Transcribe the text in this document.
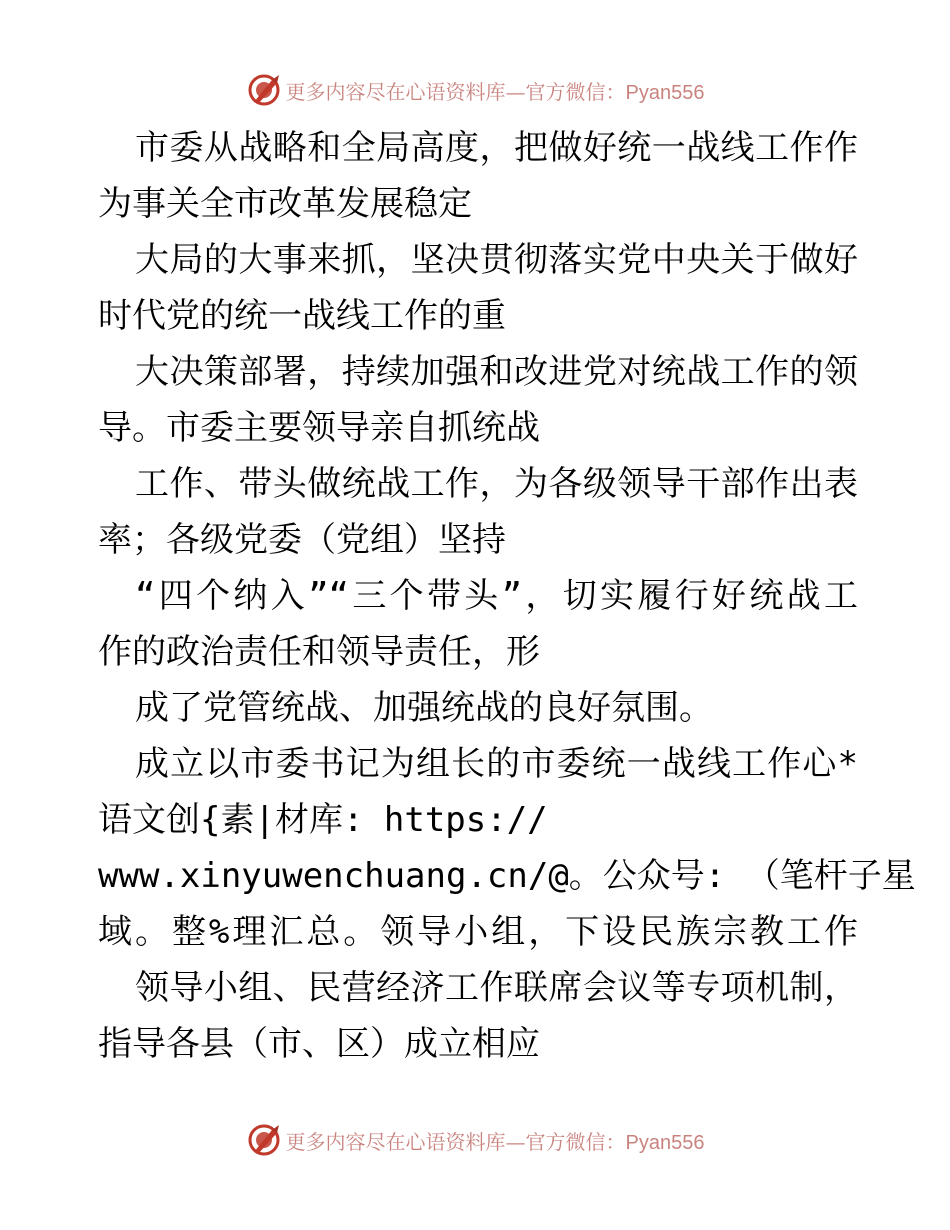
更多内容尽在心语资料库—官方微信：Pyan556
市委从战略和全局高度，把做好统一战线工作作
为事关全市改革发展稳定
大局的大事来抓，坚决贯彻落实党中央关于做好
时代党的统一战线工作的重
大决策部署，持续加强和改进党对统战工作的领
导。市委主要领导亲自抓统战
工作、带头做统战工作，为各级领导干部作出表
率；各级党委（党组）坚持
“四个纳入”“三个带头”，切实履行好统战工
作的政治责任和领导责任，形
成了党管统战、加强统战的良好氛围。
成立以市委书记为组长的市委统一战线工作心*
语文创{素|材库: https://
www.xinyuwenchuang.cn/@。公众号: （笔杆子星
域。整%理汇总。领导小组，下设民族宗教工作
领导小组、民营经济工作联席会议等专项机制，
指导各县（市、区）成立相应
更多内容尽在心语资料库—官方微信：Pyan556
